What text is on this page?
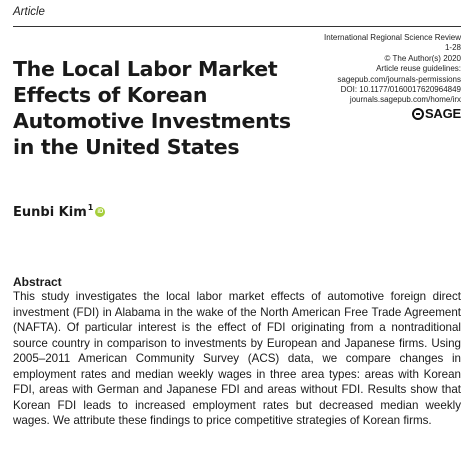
Article
International Regional Science Review
1-28
© The Author(s) 2020
Article reuse guidelines:
sagepub.com/journals-permissions
DOI: 10.1177/0160017620964849
journals.sagepub.com/home/irx
SAGE
The Local Labor Market Effects of Korean Automotive Investments in the United States
Eunbi Kim$^1$ iD
Abstract
This study investigates the local labor market effects of automotive foreign direct investment (FDI) in Alabama in the wake of the North American Free Trade Agreement (NAFTA). Of particular interest is the effect of FDI originating from a nontraditional source country in comparison to investments by European and Japanese firms. Using 2005–2011 American Community Survey (ACS) data, we compare changes in employment rates and median weekly wages in three area types: areas with Korean FDI, areas with German and Japanese FDI and areas without FDI. Results show that Korean FDI leads to increased employment rates but decreased median weekly wages. We attribute these findings to price competitive strategies of Korean firms.
